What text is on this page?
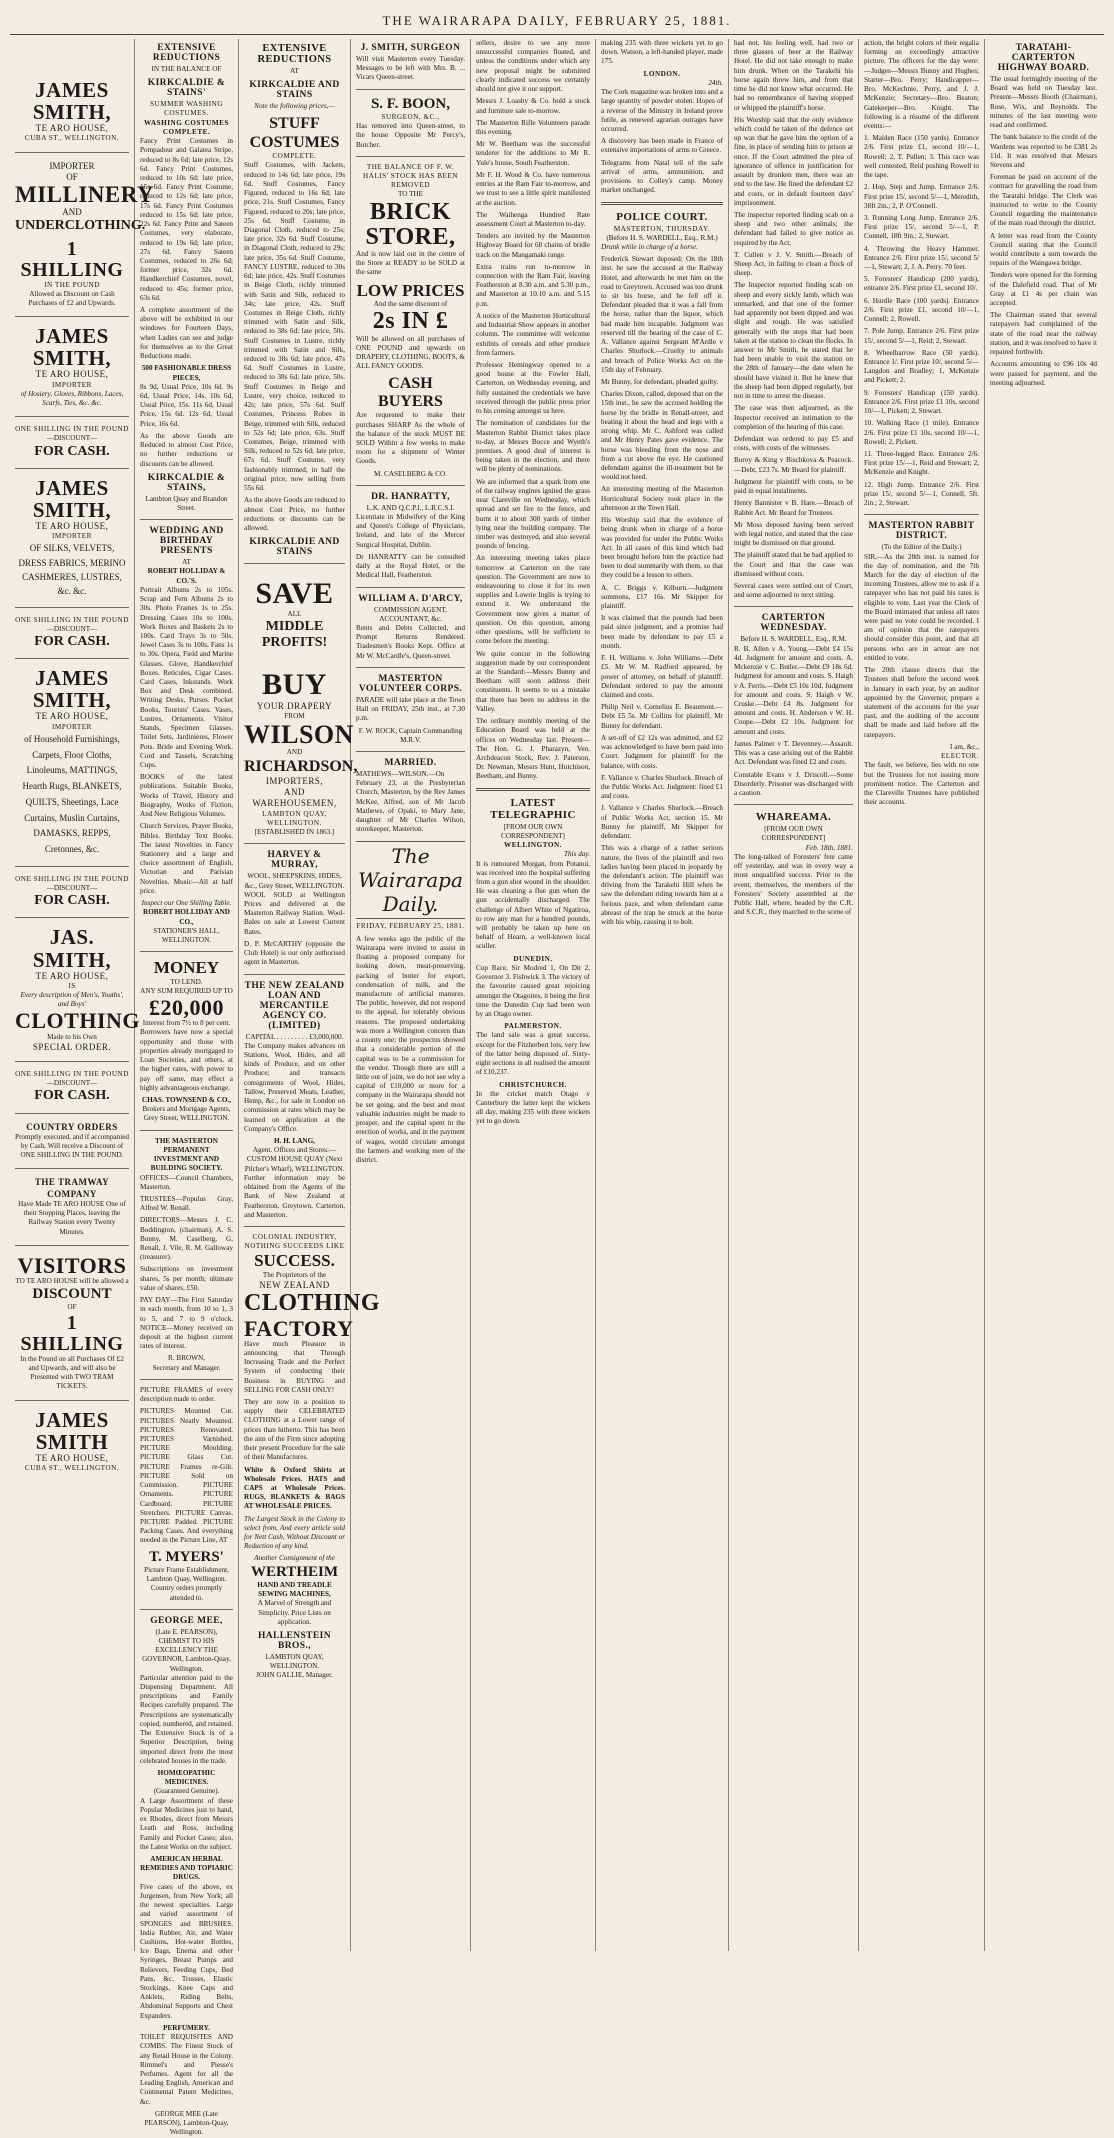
THE WAIRARAPA DAILY, FEBRUARY 25, 1881.
JAMES SMITH,
TE ARO HOUSE,
CUBA ST., WELLINGTON.
IMPORTER
OF
MILLINERY
AND
UNDERCLOTHING.
1 SHILLING
IN THE POUND
Allowed as Discount on Cash Purchases of £2 and Upwards.
JAMES SMITH,
TE ARO HOUSE,
IMPORTER
of Hosiery, Gloves, Ribbons, Laces, Scarfs, Ties, &c. &c.
ONE SHILLING IN THE POUND
—DISCOUNT—
FOR CASH.
JAMES SMITH,
TE ARO HOUSE,
IMPORTER
OF SILKS, VELVETS, DRESS FABRICS, MERINO CASHMERES, LUSTRES, &c. &c.
ONE SHILLING IN THE POUND
—DISCOUNT—
FOR CASH.
JAMES SMITH,
TE ARO HOUSE,
IMPORTER
of Household Furnishings, Carpets, Floor Cloths, Linoleums, MATTINGS, Hearth Rugs, BLANKETS, QUILTS, Sheetings, Lace Curtains, Muslin Curtains, DAMASKS, REPPS, Cretonnes, &c.
ONE SHILLING IN THE POUND
—DISCOUNT—
FOR CASH.
JAS. SMITH,
TE ARO HOUSE,
IS
Every description of Men's, Youths', and Boys'
CLOTHING
Made to his Own
SPECIAL ORDER.
ONE SHILLING IN THE POUND
—DISCOUNT—
FOR CASH.
COUNTRY ORDERS
Promptly executed, and if accompanied by Cash, Will receive a Discount of ONE SHILLING IN THE POUND.
THE TRAMWAY COMPANY
Have Made TE ARO HOUSE One of their Stopping Places, leaving the Railway Station every Twenty Minutes.
VISITORS
TO TE ARO HOUSE will be allowed a
DISCOUNT
OF
1 SHILLING
In the Pound on all Purchases Of £2 and Upwards, and will also be Presented with TWO TRAM TICKETS.
JAMES SMITH
TE ARO HOUSE,
CUBA ST., WELLINGTON.
EXTENSIVE REDUCTIONS
IN THE BALANCE OF
KIRKCALDIE & STAINS'
SUMMER WASHING COSTUMES.
WASHING COSTUMES COMPLETE.

Fancy Print Costumes in Pompadour and Galatea Stripe, reduced to 8s 6d; late price, 12s 6d. Fancy Print Costumes, reduced to 10s 6d; late price, 15s 6d. Fancy Print Costume, reduced to 12s 6d; late price, 17s 6d. Fancy Print Costumes reduced to 15s 6d; late price, 22s 6d. Fancy Print and Sateen Costumes, very elaborate, reduced to 19s 6d; late price, 27s 6d. Fancy Sateen Costumes, reduced to 26s 6d; former price, 32s 6d. Handkerchief Costumes, novel, reduced to 45s; former price, 63s 6d.

A complete assortment of the above will be exhibited in our windows for Fourteen Days, when Ladies can see and judge for themselves as to the Great Reductions made.

500 FASHIONABLE DRESS PIECES,

8s 9d, Usual Price, 10s 6d. 9s 6d, Usual Price, 14s. 10s 6d, Usual Price, 15s. 11s 6d, Usual Price, 15s 6d. 12s 6d, Usual Price, 16s 6d.

As the above Goods are Reduced to almost Cost Price, no further reductions or discounts can be allowed.

KIRKCALDIE & STAINS,
Lambton Quay and Brandon Street.
WEDDING AND BIRTHDAY PRESENTS
AT
ROBERT HOLLIDAY & CO.'S.

Portrait Albums 2s to 105s. Scrap and Fern Albums 2s to 30s. Photo Frames 1s to 25s. Dressing Cases 10s to 100s. Work Boxes and Baskets 2s to 100s. Card Trays 3s to 50s. Jewel Cases 3s to 100s. Fans 1s to 30s. Opera, Field and Marine Glasses. Glove, Handkerchief Boxes. Reticules, Cigar Cases. Card Cases, Inkstands. Work Box and Desk combined. Writing Desks, Purses. Pocket Books, Tourists' Cases. Vases, Lustres, Ornaments. Visitor Stands, Specimen Glasses. Toilet Sets, Jardinieres, Flower Pots. Bride and Evening Work. Cord and Tassels, Scratching Cups.

BOOKS of the latest publications. Suitable Books, Works of Travel, History and Biography, Works of Fiction, And New Religious Volumes.

Church Services, Prayer Books, Bibles. Birthday Text Books. The latest Novelties in Fancy Stationery and a large and choice assortment of English, Victorian and Parisian Novelties. Music—All at half price.

Inspect our One Shilling Table.
ROBERT HOLLIDAY AND CO.,
STATIONER'S HALL, WELLINGTON.
MONEY
TO LEND.
ANY SUM REQUIRED UP TO
£20,000
Interest from 7½ to 8 per cent.

Borrowers have now a special opportunity and those with properties already mortgaged to Loan Societies, and others, at the higher rates, with power to pay off same, may effect a highly advantageous exchange.

CHAS. TOWNSEND & CO.,
Brokers and Mortgage Agents, Grey Street, WELLINGTON.
THE MASTERTON PERMANENT INVESTMENT AND BUILDING SOCIETY.

OFFICES—Council Chambers, Masterton.

TRUSTEES—Populus Gray, Alfred W. Renall.

DIRECTORS—Messrs J. C. Boddington, (chairman), A. S. Bunny, M. Caselberg, G. Renall, J. Vile, R. M. Galloway (treasurer).

Subscriptions on investment shares, 5s per month; ultimate value of shares, £50.

PAY DAY—The First Saturday in each month, from 10 to 1, 3 to 5, and 7 to 9 o'clock. NOTICE—Money received on deposit at the highest current rates of interest.

R. BROWN,
Secretary and Manager.

PICTURE FRAMES of every description made to order.

PICTURES Mounted Cut. PICTURES Neatly Mounted. PICTURES Renovated. PICTURES Varnished. PICTURE Moulding. PICTURE Glass Cut. PICTURE Frames re-Gilt. PICTURE Sold on Commission. PICTURE Ornaments. PICTURE Cardboard. PICTURE Stretchers. PICTURE Canvas. PICTURE Padded. PICTURE Packing Cases. And everything needed in the Picture Line, AT

T. MYERS'
Picture Frame Establishment, Lambton Quay, Wellington. Country orders promptly attended to.
GEORGE MEE,
(Late E. PEARSON), CHEMIST TO HIS EXCELLENCY THE GOVERNOR, Lambton-Quay, Wellington.

Particular attention paid to the Dispensing Department. All prescriptions and Family Recipes carefully prepared. The Prescriptions are systematically copied, numbered, and retained. The Extensive Stock is of a Superior Description, being imported direct from the most celebrated houses in the trade.

HOMŒOPATHIC MEDICINES.
(Guaranteed Genuine).

A Large Assortment of these Popular Medicines just to hand, ex Rhodes, direct from Messrs Leath and Ross, including Family and Pocket Cases; also, the Latest Works on the subject.

AMERICAN HERBAL REMEDIES AND TOPIARIC DRUGS.

Five cases of the above, ex Jurgensen, from New York; all the newest specialties. Large and varied assortment of SPONGES and BRUSHES. India Rubber, Air, and Water Cushions, Hot-water Bottles, Ice Bags, Enema and other Syringes, Breast Pumps and Relievers, Feeding Cups, Bed Pans, &c. Trusses, Elastic Stockings, Knee Caps and Anklets, Riding Belts, Abdominal Supports and Chest Expanders.

PERFUMERY.

TOILET REQUISITES AND COMBS. The Finest Stock of any Retail House in the Colony. Rimmel's and Piesse's Perfumes. Agent for all the Leading English, American and Continental Patent Medicines, &c.

GEORGE MEE (Late PEARSON), Lambton-Quay, Wellington.
EXTENSIVE REDUCTIONS
AT
KIRKCALDIE AND STAINS
Note the following prices,—
STUFF COSTUMES
COMPLETE.

Stuff Costumes, with Jackets, reduced to 14s 6d; late price, 19s 6d. Stuff Costumes, Fancy Figured, reduced to 16s 6d; late price, 21s. Stuff Costumes, Fancy Figured, reduced to 20s; late price, 25s 6d. Stuff Costume, in Diagonal Cloth, reduced to 25s; late price, 32s 6d. Stuff Costume, in Diagonal Cloth, reduced to 29s; late price, 35s 6d. Stuff Costume, FANCY LUSTRE, reduced to 30s 6d; late price, 42s. Stuff Costumes in Beige Cloth, richly trimmed with Satin and Silk, reduced to 34s; late price, 42s. Stuff Costumes in Beige Cloth, richly trimmed with Satin and Silk, reduced to 38s 6d; late price, 50s. Stuff Costumes in Lustre, richly trimmed with Satin and Silk, reduced to 38s 6d; late price, 47s 6d. Stuff Costumes in Lustre, reduced to 38s 6d; late price, 50s. Stuff Costumes in Beige and Lustre, very choice, reduced to 42s; late price, 57s 6d. Stuff Costumes, Princess Robes in Beige, trimmed with Silk, reduced to 52s 6d; late price, 63s. Stuff Costumes, Beige, trimmed with Silk, reduced to 52s 6d; late price, 67s 6d. Stuff Costume, very fashionably trimmed, in half the original price, now selling from 55s 6d.

As the above Goods are reduced to almost Cost Price, no further reductions or discounts can be allowed.

KIRKCALDIE AND STAINS
SAVE
ALL
MIDDLE PROFITS!
BUY
YOUR DRAPERY
FROM
WILSON
AND
RICHARDSON,
IMPORTERS,
AND WAREHOUSEMEN,
LAMBTON QUAY, WELLINGTON.
[ESTABLISHED IN 1863.]
HARVEY & MURRAY,
WOOL, SHEEPSKINS, HIDES, &c., Grey Street, WELLINGTON.

WOOL SOLD at Wellington Prices and delivered at the Masterton Railway Station. Wool-Bales on sale at Lowest Current Rates.

D. P. McCARTHY (opposite the Club Hotel) is our only authorised agent in Masterton.

THE NEW ZEALAND LOAN AND MERCANTILE AGENCY CO. (LIMITED)
CAPITAL . . . . . . . . . £3,000,000.

The Company makes advances on Stations, Wool, Hides, and all kinds of Produce, and on other Produce; and transacts consignments of Wool, Hides, Tallow, Preserved Meats, Leather, Hemp, &c., for sale in London on commission at rates which may be learned on application at the Company's Office.

H. H. LANG,
Agent. Offices and Stores:— CUSTOM HOUSE QUAY (Next Pilcher's Wharf), WELLINGTON.

Further information may be obtained from the Agents of the Bank of New Zealand at Featherston, Greytown, Carterton, and Masterton.

COLONIAL INDUSTRY,
NOTHING SUCCEEDS LIKE
SUCCESS.
The Proprietors of the
NEW ZEALAND
CLOTHING
FACTORY

Have much Pleasure in announcing that Through Increasing Trade and the Perfect System of conducting their Business in BUYING and SELLING FOR CASH ONLY!

They are now in a position to supply their CELEBRATED CLOTHING at a Lower range of prices than hitherto. This has been the aim of the Firm since adopting their present Procedure for the sale of their Manufactures.

White & Oxford Shirts at Wholesale Prices. HATS and CAPS at Wholesale Prices. RUGS, BLANKETS & BAGS AT WHOLESALE PRICES.

The Largest Stock in the Colony to select from, And every article sold for Nett Cash, Without Discount or Reduction of any kind.

Another Consignment of the
WERTHEIM
HAND AND TREADLE SEWING MACHINES,
A Marvel of Strength and Simplicity. Price Lists on application.
HALLENSTEIN BROS.,
LAMBTON QUAY, WELLINGTON.
JOHN GALLIE, Manager.
J. SMITH, SURGEON

Will visit Masterton every Tuesday. Messages to be left with Mrs. B. ... Vicars Queen-street.

S. F. BOON,
SURGEON, &C.,

Has removed into Queen-street, to the house Opposite Mr Percy's, Butcher.

THE BALANCE OF F. W. HALIS' STOCK HAS BEEN REMOVED
TO THE
BRICK STORE,

And is now laid out in the centre of the Store at READY to be SOLD at the same

LOW PRICES
And the same discount of
2s IN £

Will be allowed on all purchases of ONE POUND and upwards on DRAPERY, CLOTHING, BOOTS, & ALL FANCY GOODS.

CASH BUYERS

Are requested to make their purchases SHARP As the whole of the balance of the stock MUST BE SOLD Within a few weeks to make room for a shipment of Winter Goods.

M. CASELBERG & CO.
DR. HANRATTY,
L.K. AND Q.C.P.I., L.R.C.S.I.

Licentiate in Midwifery of the King and Queen's College of Physicians, Ireland, and late of the Mercer Surgical Hospital, Dublin.

Dr HANRATTY can be consulted daily at the Royal Hotel, or the Medical Hall, Featherston.

WILLIAM A. D'ARCY,
COMMISSION AGENT, ACCOUNTANT, &c.

Rents and Debts Collected, and Prompt Returns Rendered. Tradesmen's Books Kept. Office at Mr W. McCardle's, Queen-street.

MASTERTON VOLUNTEER CORPS.

PARADE will take place at the Town Hall on FRIDAY, 25th inst., at 7.30 p.m.

F. W. ROCK, Captain Commanding M.R.V.
MARRIED.

MATHEWS—WILSON.—On February 23, at the Presbyterian Church, Masterton, by the Rev James McKee, Alfred, son of Mr Jacob Mathews, of Opaki, to Mary Jane, daughter of Mr Charles Wilson, storekeeper, Masterton.

The Wairarapa Daily.
FRIDAY, FEBRUARY 25, 1881.

A few weeks ago the public of the Wairarapa were invited to assist in floating a proposed company for looking down, meat-preserving, packing of butter for export, condensation of milk, and the manufacture of artificial manures. The public, however, did not respond to the appeal, for tolerably obvious reasons. The proposed undertaking was more a Wellington concern than a county one; the prospectus showed that a considerable portion of the capital was to be a commission for the vendor. Though there are still a little out of joint, we do not see why a capital of £10,000 or more for a company in the Wairarapa should not be set going, and the best and most valuable industries might be made to prosper, and the capital spent in the erection of works, and in the payment of wages, would circulate amongst the farmers and working men of the district.

sellers, desire to see any more unsuccessful companies floated, and unless the conditions under which any new proposal might be submitted clearly indicated success we certainly should not give it our support.

Messrs J. Loasby & Co. hold a stock and furniture sale to-morrow.

The Masterton Rifle Volunteers parade this evening.

Mr W. Beetham was the successful tenderer for the additions to Mr R. Yule's house, South Featherston.

Mr F. H. Wood & Co. have numerous entries at the Ram Fair to-morrow, and we trust to see a little spirit manifested at the auction.

The Waihenga Hundred Rate assessment Court at Masterton to-day.

Tenders are invited by the Masterton Highway Board for 60 chains of bridle track on the Mangamaki range.

Extra trains run to-morrow in connection with the Ram Fair, leaving Featherston at 8.30 a.m. and 5.30 p.m., and Masterton at 10.10 a.m. and 5.15 p.m.

A notice of the Masterton Horticultural and Industrial Show appears in another column. The committee will welcome exhibits of cereals and other produce from farmers.

Professor Hemingway opened to a good house at the Fowler Hall, Carterton, on Wednesday evening, and fully sustained the credentials we have received through the public press prior to his coming amongst us here.

The nomination of candidates for the Masterton Rabbit District takes place to-day, at Messrs Bocce and Wyeth's premises. A good deal of interest is being taken in the election, and there will be plenty of nominations.

We are informed that a spark from one of the railway engines ignited the grass near Clareville on Wednesday, which spread and set fire to the fence, and burnt it to about 300 yards of timber lying near the building company. The timber was destroyed, and also several pounds of fencing.

An interesting meeting takes place tomorrow at Carterton on the rate question. The Government are now to endeavouring to close it for its own supplies and Lowrie Inglis is trying to extend it. We understand the Government now gives a matter of question. On this question, among other questions, will be sufficient to come before the meeting.

We quite concur in the following suggestion made by our correspondent at the Standard:—Messrs Bunny and Beetham will soon address their constituents. It seems to us a mistake that there has been no address in the Valley.

The ordinary monthly meeting of the Education Board was held at the offices on Wednesday last. Present—The Hon. G. J. Pharazyn, Ven. Archdeacon Stock, Rev. J. Paterson, Dr. Newman, Messrs Hunt, Hutchison, Beetham, and Bunny.

LATEST TELEGRAPHIC
[FROM OUR OWN CORRESPONDENT]
WELLINGTON.
This day.

It is rumoured Morgan, from Potanui, was received into the hospital suffering from a gun shot wound in the shoulder. He was cleaning a flue gun when the gun accidentally discharged. The challenge of Albert White of Ngatiroa, to row any man for a hundred pounds, will probably be taken up here on behalf of Hearn, a well-known local sculler.

DUNEDIN.

Cup Race, Sir Modred 1, On Dit 2, Governor 3. Fishwick 3. The victory of the favourite caused great rejoicing amongst the Otagoites, it being the first time the Dunedin Cup had been won by an Otago owner.

PALMERSTON.

The land sale was a great success, except for the Fitzherbert lots, very few of the latter being disposed of. Sixty-eight sections in all realised the amount of £10,237.

CHRISTCHURCH.

In the cricket match Otago v Canterbury the latter kept the wickets all day, making 235 with three wickets yet to go down.

making 235 with three wickets yet to go down. Watson, a left-handed player, made 175.

LONDON.
24th.

The Cork magazine was broken into and a large quantity of powder stolen. Hopes of a reverse of the Ministry in Ireland prove futile, as renewed agrarian outrages have occurred.

A discovery has been made in France of extensive importations of arms to Greece.

Telegrams from Natal tell of the safe arrival of arms, ammunition, and provisions to Colley's camp. Money market unchanged.

POLICE COURT.
MASTERTON, THURSDAY.
(Before H. S. WARDELL, Esq., R.M.)

Drunk while in charge of a horse.

Frederick Stewart deposed: On the 18th inst. he saw the accused at the Railway Hotel, and afterwards he met him on the road to Greytown. Accused was too drunk to sit his horse, and he fell off it. Defendant pleaded that it was a fall from the horse, rather than the liquor, which had made him incapable. Judgment was reserved till the hearing of the case of C. A. Vallance against Sergeant M'Ardle v Charles Shurlock.—Cruelty to animals and breach of Police Works Act on the 15th day of February.

Mr Bunny, for defendant, pleaded guilty.

Charles Dixon, called, deposed that on the 15th inst., he saw the accused holding the horse by the bridle in Renall-street, and beating it about the head and legs with a strong whip. Mr C. Ashford was called and Mr Henry Pates gave evidence. The horse was bleeding from the nose and from a cut above the eye. He cautioned defendant against the ill-treatment but he would not heed.

An interesting meeting of the Masterton Horticultural Society took place in the afternoon at the Town Hall.

His Worship said that the evidence of being drunk when in charge of a horse was provided for under the Public Works Act. In all cases of this kind which had been brought before him the practice had been to deal summarily with them, so that they could be a lesson to others.

A. C. Briggs v. Kilburn.—Judgment summons, £17 16s. Mr Skipper for plaintiff.

It was claimed that the pounds had been paid since judgment, and a promise had been made by defendant to pay £5 a month.

F. H. Williams v. John Williams.—Debt £5. Mr W. M. Radford appeared, by power of attorney, on behalf of plaintiff. Defendant ordered to pay the amount claimed and costs.

Philip Neil v. Cornelius E. Beaumont.—Debt £5 5s. Mr Collins for plaintiff, Mr Bunny for defendant.

A set-off of £2 12s was admitted, and £2 was acknowledged to have been paid into Court. Judgment for plaintiff for the balance, with costs.

F. Vallance v. Charles Shurlock. Breach of the Public Works Act. Judgment: fined £1 and costs.

J. Vallance v Charles Shurlock.—Breach of Public Works Act, section 15. Mr Bunny for plaintiff, Mr Skipper for defendant.

This was a charge of a rather serious nature, the lives of the plaintiff and two ladies having been placed in jeopardy by the defendant's action. The plaintiff was driving from the Tarakehi Hill when he saw the defendant riding towards him at a furious pace, and when defendant came abreast of the trap he struck at the horse with his whip, causing it to bolt.

had not, his feeling well, had two or three glasses of beer at the Railway Hotel. He did not take enough to make him drunk. When on the Tarakehi his horse again threw him, and from that time he did not know what occurred. He had no remembrance of having stopped or whipped the plaintiff's horse.

His Worship said that the only evidence which could be taken of the defence set up was that he gave him the option of a fine, in place of sending him to prison at once. If the Court admitted the plea of ignorance of offence in justification for assault by drunken men, there was an end to the law. He fined the defendant £2 and costs, or in default fourteen days' imprisonment.

The inspector reported finding scab on a sheep and two other animals; the defendant had failed to give notice as required by the Act.

T. Cullen v J. V. Smith.—Breach of Sheep Act, in failing to clean a flock of sheep.

The Inspector reported finding scab on sheep and every sickly lamb, which was unmarked, and that one of the former had apparently not been dipped and was slight and rough. He was satisfied generally with the steps that had been taken at the station to clean the flocks. In answer to Mr Smith, he stated that he had been unable to visit the station on the 28th of January—the date when he should have visited it. But he knew that the sheep had been dipped regularly, but not in time to arrest the disease.

The case was then adjourned, as the Inspector received an intimation to the completion of the hearing of this case.

Defendant was ordered to pay £5 and costs, with costs of the witnesses.

Boroy & King v Bischkova & Peacock.—Debt, £23 7s. Mr Beard for plaintiff.

Judgment for plaintiff with costs, to be paid in equal instalments.

Henry Bannister v B. Hare.—Breach of Rabbit Act. Mr Beard for Trustees.

Mr Moss deposed having been served with legal notice, and stated that the case might be dismissed on that ground.

The plaintiff stated that he had applied to the Court and that the case was dismissed without costs.

Several cases were settled out of Court, and some adjourned to next sitting.

CARTERTON WEDNESDAY.
Before H. S. WARDELL, Esq., R.M.

R. B. Allen v A. Young.—Debt £4 15s 4d. Judgment for amount and costs. A. Mckenzie v C. Butler.—Debt £9 18s 6d. Judgment for amount and costs. S. Haigh v A. Ferris.—Debt £5 10s 10d. Judgment for amount and costs. S. Haigh v W. Cruske.—Debt £4 8s. Judgment for amount and costs. H. Anderson v W. H. Coupe.—Debt £2 10s. Judgment for amount and costs.

James Palmer v T. Devenney.—Assault. This was a case arising out of the Rabbit Act. Defendant was fined £2 and costs.

Constable Evans v J. Driscoll.—Some Disorderly. Prisoner was discharged with a caution.

WHAREAMA.
[FROM OUR OWN CORRESPONDENT]
Feb. 18th, 1881.

The long-talked of Foresters' fete came off yesterday, and was in every way a most unqualified success. Prior to the event, themselves, the members of the Foresters' Society assembled at the Public Hall, where, headed by the C.R. and S.C.R., they marched to the scene of

action, the bright colors of their regalia forming an exceedingly attractive picture. The officers for the day were:—Judges—Messrs Bunny and Hughes; Starter—Bro. Perry; Handicapper—Bro. McKechnie, Perry, and J. J. McKenzie; Secretary—Bro. Beaton; Gatekeeper—Bro. Knight. The following is a résumé of the different events:—

1. Maiden Race (150 yards). Entrance 2/6. First prize £1, second 10/—1, Rowell; 2, T. Pullen; 3. This race was well contested, Reid pushing Rowell to the tape.

2. Hop, Step and Jump. Entrance 2/6. First prize 15/, second 5/—1, Meredith, 38ft 2in.; 2, P. O'Connell.

3. Running Long Jump. Entrance 2/6. First prize 15/, second 5/—1, P. Connell, 18ft 9in.; 2, Stewart.

4. Throwing the Heavy Hammer. Entrance 2/6. First prize 15/, second 5/—1, Stewart; 2, J. A. Perry. 70 feet.

5. Foresters' Handicap (200 yards), entrance 2/6. First prize £1, second 10/.

6. Hurdle Race (100 yards). Entrance 2/6. First prize £1, second 10/—1, Connell; 2, Rowell.

7. Pole Jump. Entrance 2/6. First prize 15/, second 5/—1, Reid; 2, Stewart.

8. Wheelbarrow Race (50 yards). Entrance 1/. First prize 10/, second 5/—Langdon and Bradley; 1, McKenzie and Pickett; 2.

9. Foresters' Handicap (150 yards). Entrance 2/6. First prize £1 10s, second 10/—1, Pickett; 2, Stewart.

10. Walking Race (1 mile). Entrance 2/6. First prize £1 10s, second 10/—1, Rowell; 2, Pickett.

11. Three-legged Race. Entrance 2/6. First prize 15/—1, Reid and Stewart; 2, McKenzie and Knight.

12. High Jump. Entrance 2/6. First prize 15/, second 5/—1, Connell, 5ft. 2in.; 2, Stewart.

MASTERTON RABBIT DISTRICT.
(To the Editor of the Daily.)

SIR,—As the 28th inst. is named for the day of nomination, and the 7th March for the day of election of the incoming Trustees, allow me to ask if a ratepayer who has not paid his rates is eligible to vote. Last year the Clerk of the Board intimated that unless all rates were paid no vote could be recorded. I am of opinion that the ratepayers should consider this point, and that all persons who are in arrear are not entitled to vote.

The 20th clause directs that the Trustees shall before the second week in January in each year, by an auditor appointed by the Governor, prepare a statement of the accounts for the year past, and the auditing of the account shall be made and laid before all the ratepayers.

I am, &c.,
ELECTOR.

The fault, we believe, lies with no one but the Trustees for not issuing more prominent notice. The Carterton and the Clareville Trustees have published their accounts.

TARATAHI-CARTERTON HIGHWAY BOARD.

The usual fortnightly meeting of the Board was held on Tuesday last. Present—Messrs Booth (Chairman), Rose, Wix, and Reynolds. The minutes of the last meeting were read and confirmed.

The bank balance to the credit of the Wardens was reported to be £381 2s 11d. It was resolved that Messrs Stevens and

Foreman be paid on account of the contract for gravelling the road from the Taratahi bridge. The Clerk was instructed to write to the County Council regarding the maintenance of the main road through the district.

A letter was read from the County Council stating that the Council would contribute a sum towards the repairs of the Waingawa bridge.

Tenders were opened for the forming of the Dalefield road. That of Mr Gray at £1 4s per chain was accepted.

The Chairman stated that several ratepayers had complained of the state of the road near the railway station, and it was resolved to have it repaired forthwith.

Accounts amounting to £96 10s 4d were passed for payment, and the meeting adjourned.
